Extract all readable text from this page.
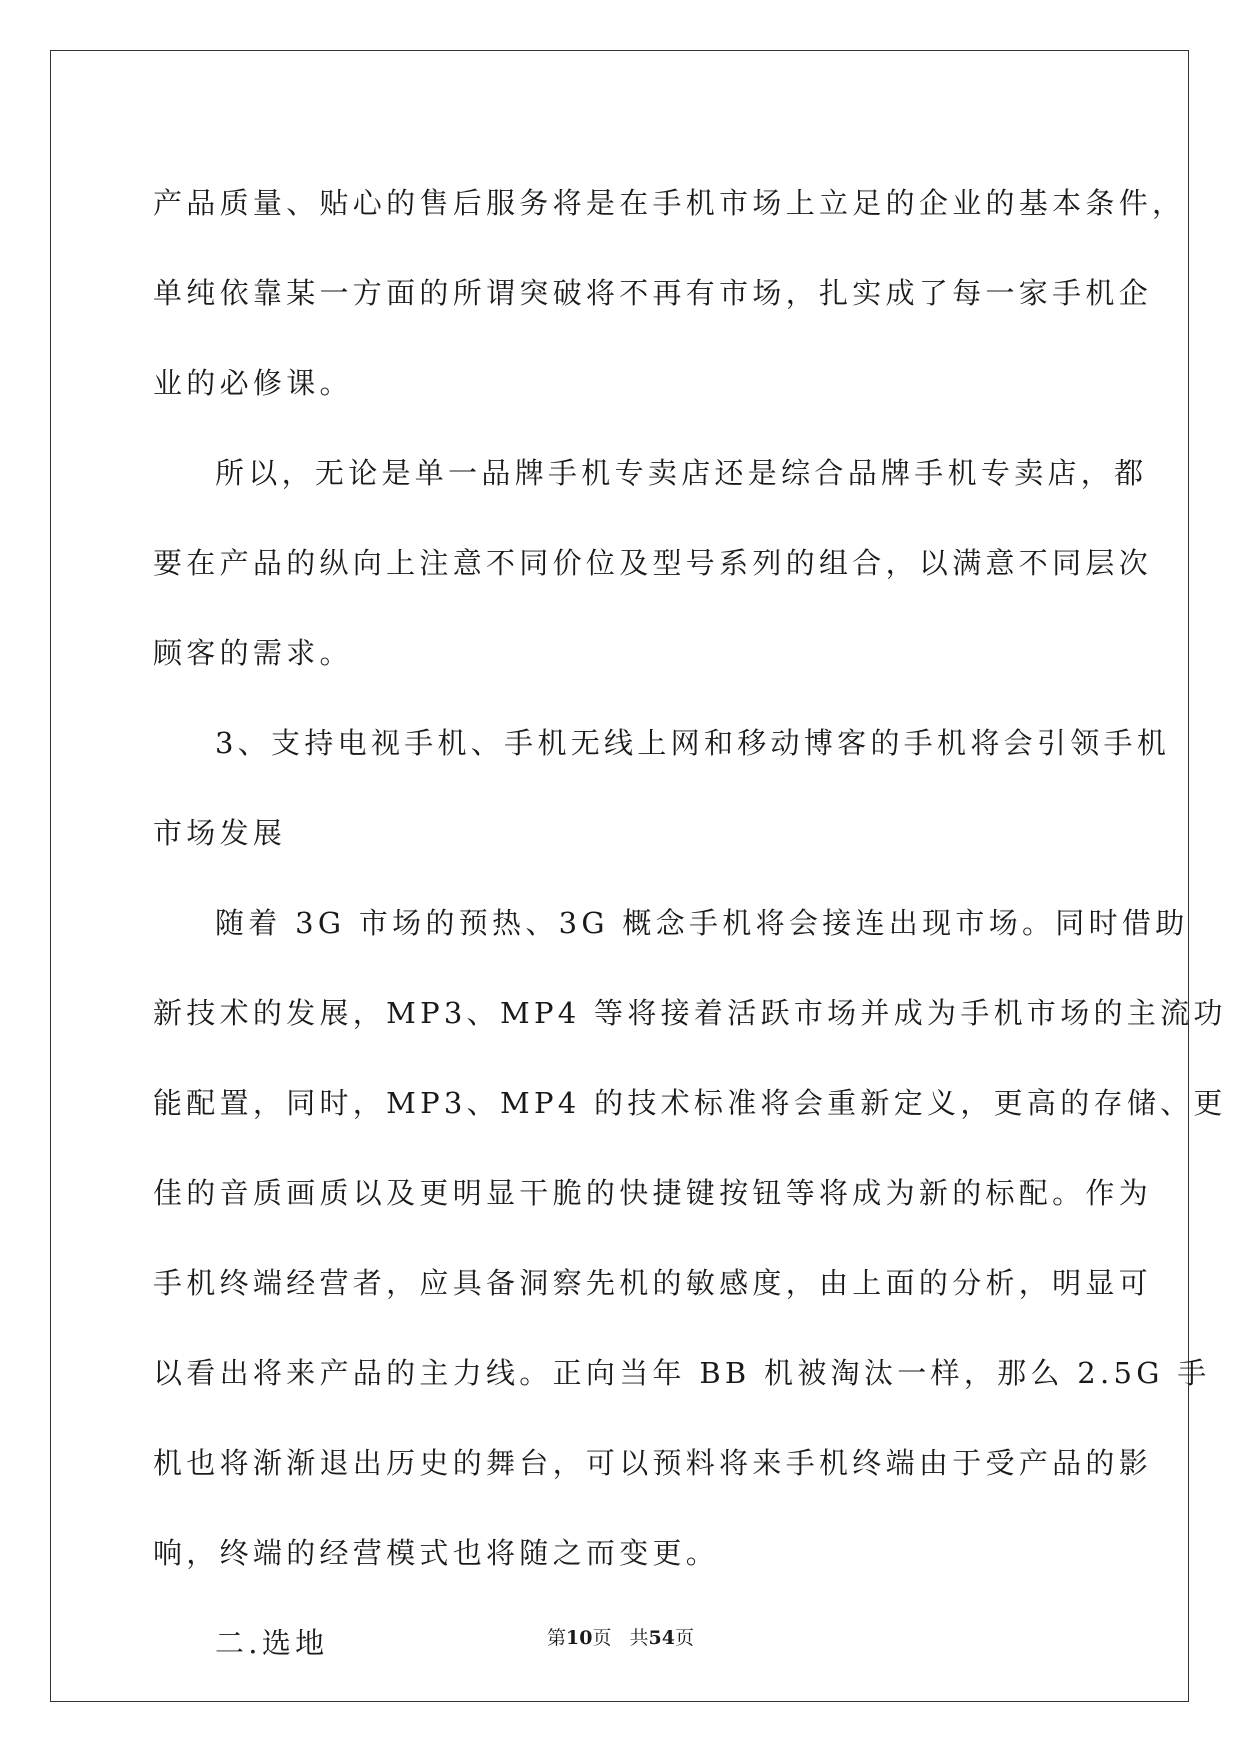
产品质量、贴心的售后服务将是在手机市场上立足的企业的基本条件，
单纯依靠某一方面的所谓突破将不再有市场，扎实成了每一家手机企
业的必修课。

所以，无论是单一品牌手机专卖店还是综合品牌手机专卖店，都
要在产品的纵向上注意不同价位及型号系列的组合，以满意不同层次
顾客的需求。

3、支持电视手机、手机无线上网和移动博客的手机将会引领手机
市场发展

随着 3G 市场的预热、3G 概念手机将会接连出现市场。同时借助
新技术的发展，MP3、MP4 等将接着活跃市场并成为手机市场的主流功
能配置，同时，MP3、MP4 的技术标准将会重新定义，更高的存储、更
佳的音质画质以及更明显干脆的快捷键按钮等将成为新的标配。作为
手机终端经营者，应具备洞察先机的敏感度，由上面的分析，明显可
以看出将来产品的主力线。正向当年 BB 机被淘汰一样，那么 2.5G 手
机也将渐渐退出历史的舞台，可以预料将来手机终端由于受产品的影
响，终端的经营模式也将随之而变更。

二.选地	第10页 共54页
